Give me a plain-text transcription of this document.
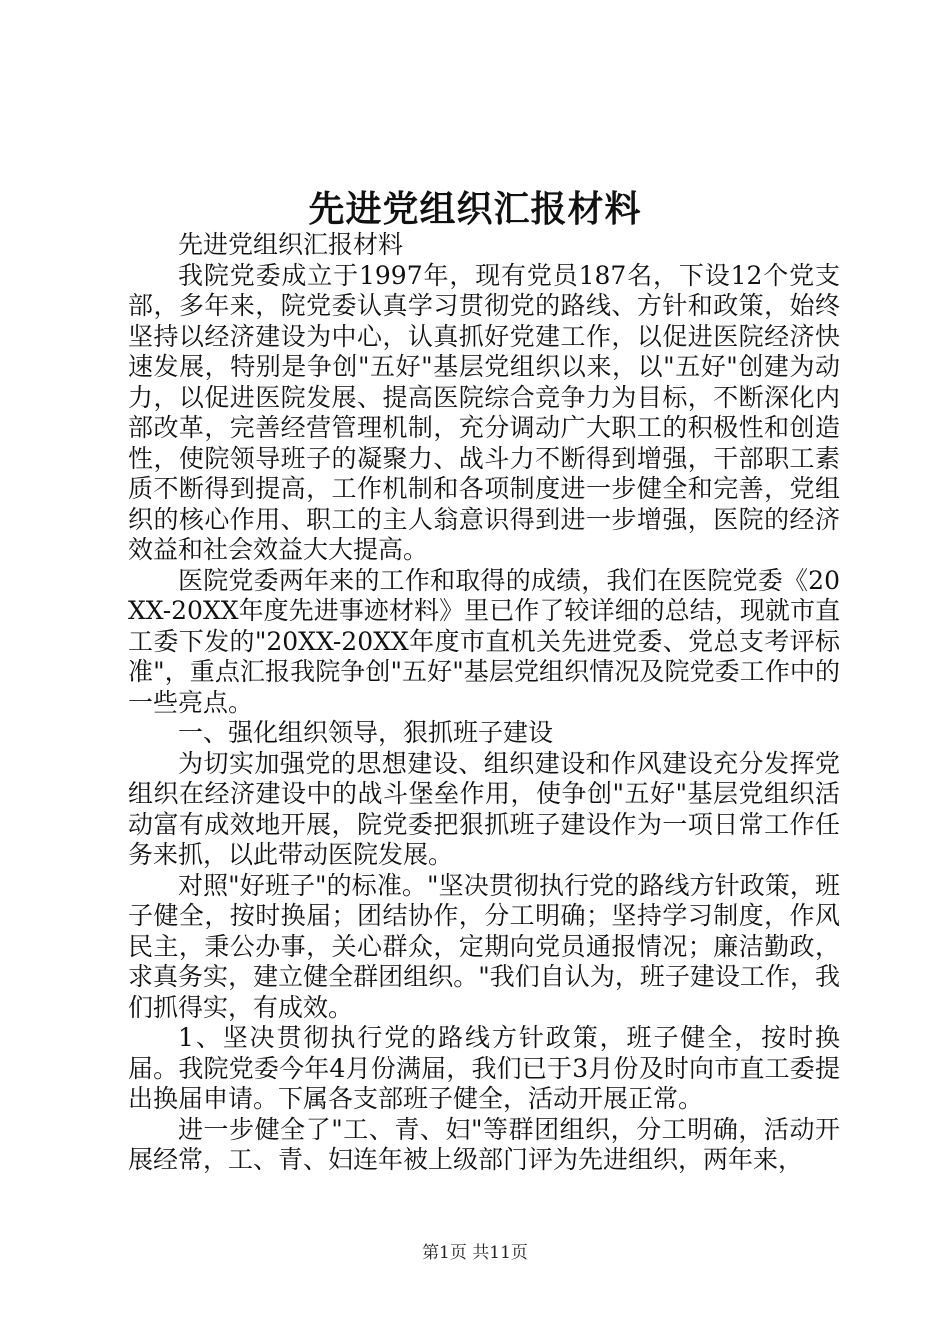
先进党组织汇报材料

先进党组织汇报材料

我院党委成立于1997年，现有党员187名，下设12个党支部，多年来，院党委认真学习贯彻党的路线、方针和政策，始终坚持以经济建设为中心，认真抓好党建工作，以促进医院经济快速发展，特别是争创"五好"基层党组织以来，以"五好"创建为动力，以促进医院发展、提高医院综合竞争力为目标，不断深化内部改革，完善经营管理机制，充分调动广大职工的积极性和创造性，使院领导班子的凝聚力、战斗力不断得到增强，干部职工素质不断得到提高，工作机制和各项制度进一步健全和完善，党组织的核心作用、职工的主人翁意识得到进一步增强，医院的经济效益和社会效益大大提高。

医院党委两年来的工作和取得的成绩，我们在医院党委《20XX-20XX年度先进事迹材料》里已作了较详细的总结，现就市直工委下发的"20XX-20XX年度市直机关先进党委、党总支考评标准"，重点汇报我院争创"五好"基层党组织情况及院党委工作中的一些亮点。

一、强化组织领导，狠抓班子建设

为切实加强党的思想建设、组织建设和作风建设充分发挥党组织在经济建设中的战斗堡垒作用，使争创"五好"基层党组织活动富有成效地开展，院党委把狠抓班子建设作为一项日常工作任务来抓，以此带动医院发展。

对照"好班子"的标准。"坚决贯彻执行党的路线方针政策，班子健全，按时换届；团结协作，分工明确；坚持学习制度，作风民主，秉公办事，关心群众，定期向党员通报情况；廉洁勤政，求真务实，建立健全群团组织。"我们自认为，班子建设工作，我们抓得实，有成效。

1、坚决贯彻执行党的路线方针政策，班子健全，按时换届。我院党委今年4月份满届，我们已于3月份及时向市直工委提出换届申请。下属各支部班子健全，活动开展正常。

进一步健全了"工、青、妇"等群团组织，分工明确，活动开展经常，工、青、妇连年被上级部门评为先进组织，两年来，

第1页 共11页
